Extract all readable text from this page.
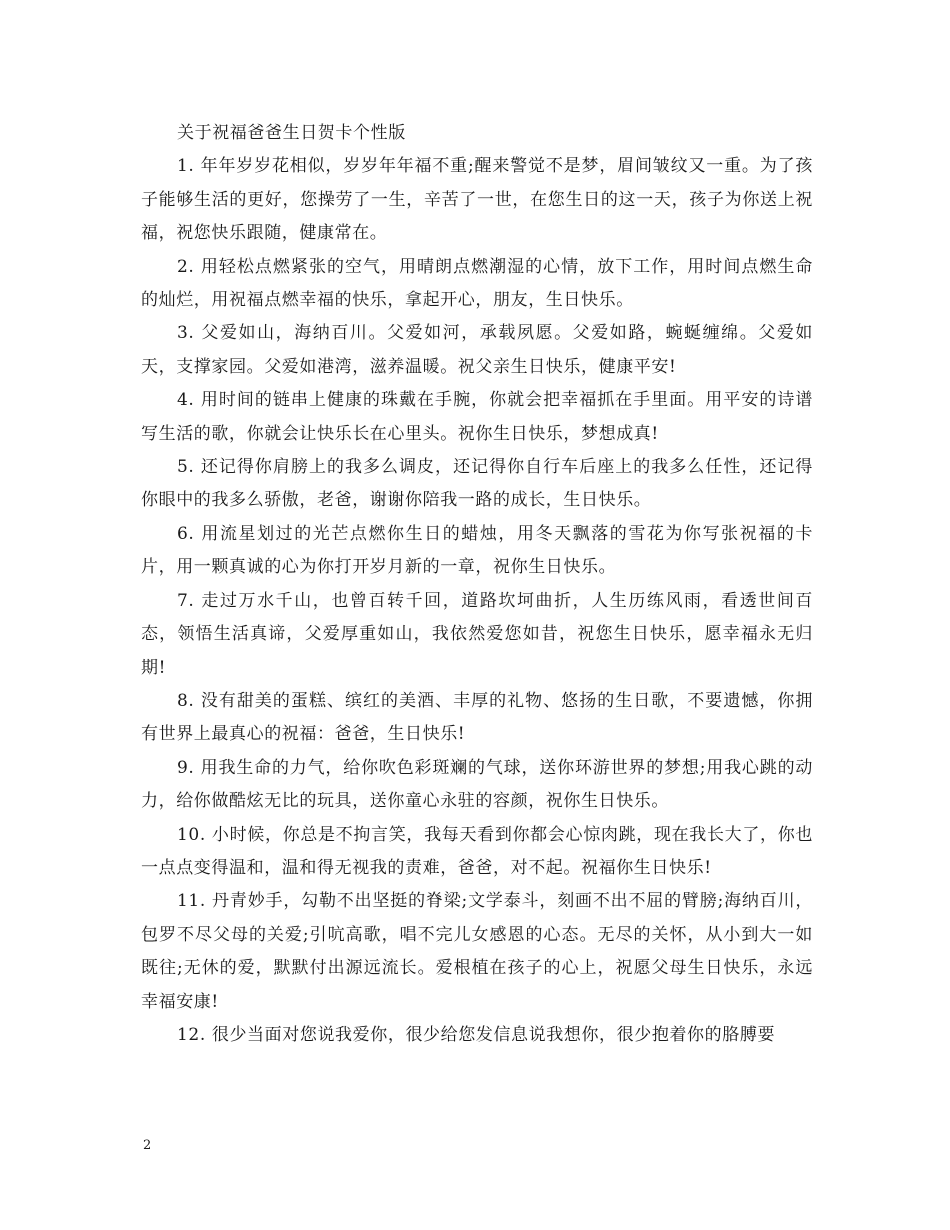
关于祝福爸爸生日贺卡个性版

1. 年年岁岁花相似，岁岁年年福不重;醒来警觉不是梦，眉间皱纹又一重。为了孩子能够生活的更好，您操劳了一生，辛苦了一世，在您生日的这一天，孩子为你送上祝福，祝您快乐跟随，健康常在。

2. 用轻松点燃紧张的空气，用晴朗点燃潮湿的心情，放下工作，用时间点燃生命的灿烂，用祝福点燃幸福的快乐，拿起开心，朋友，生日快乐。

3. 父爱如山，海纳百川。父爱如河，承载夙愿。父爱如路，蜿蜒缠绵。父爱如天，支撑家园。父爱如港湾，滋养温暖。祝父亲生日快乐，健康平安!

4. 用时间的链串上健康的珠戴在手腕，你就会把幸福抓在手里面。用平安的诗谱写生活的歌，你就会让快乐长在心里头。祝你生日快乐，梦想成真!

5. 还记得你肩膀上的我多么调皮，还记得你自行车后座上的我多么任性，还记得你眼中的我多么骄傲，老爸，谢谢你陪我一路的成长，生日快乐。

6. 用流星划过的光芒点燃你生日的蜡烛，用冬天飘落的雪花为你写张祝福的卡片，用一颗真诚的心为你打开岁月新的一章，祝你生日快乐。

7. 走过万水千山，也曾百转千回，道路坎坷曲折，人生历练风雨，看透世间百态，领悟生活真谛，父爱厚重如山，我依然爱您如昔，祝您生日快乐，愿幸福永无归期!

8. 没有甜美的蛋糕、缤红的美酒、丰厚的礼物、悠扬的生日歌，不要遗憾，你拥有世界上最真心的祝福：爸爸，生日快乐!

9. 用我生命的力气，给你吹色彩斑斓的气球，送你环游世界的梦想;用我心跳的动力，给你做酷炫无比的玩具，送你童心永驻的容颜，祝你生日快乐。

10. 小时候，你总是不拘言笑，我每天看到你都会心惊肉跳，现在我长大了，你也一点点变得温和，温和得无视我的责难，爸爸，对不起。祝福你生日快乐!

11. 丹青妙手，勾勒不出坚挺的脊梁;文学泰斗，刻画不出不屈的臂膀;海纳百川，包罗不尽父母的关爱;引吭高歌，唱不完儿女感恩的心态。无尽的关怀，从小到大一如既往;无休的爱，默默付出源远流长。爱根植在孩子的心上，祝愿父母生日快乐，永远幸福安康!

12. 很少当面对您说我爱你，很少给您发信息说我想你，很少抱着你的胳膊要

2
